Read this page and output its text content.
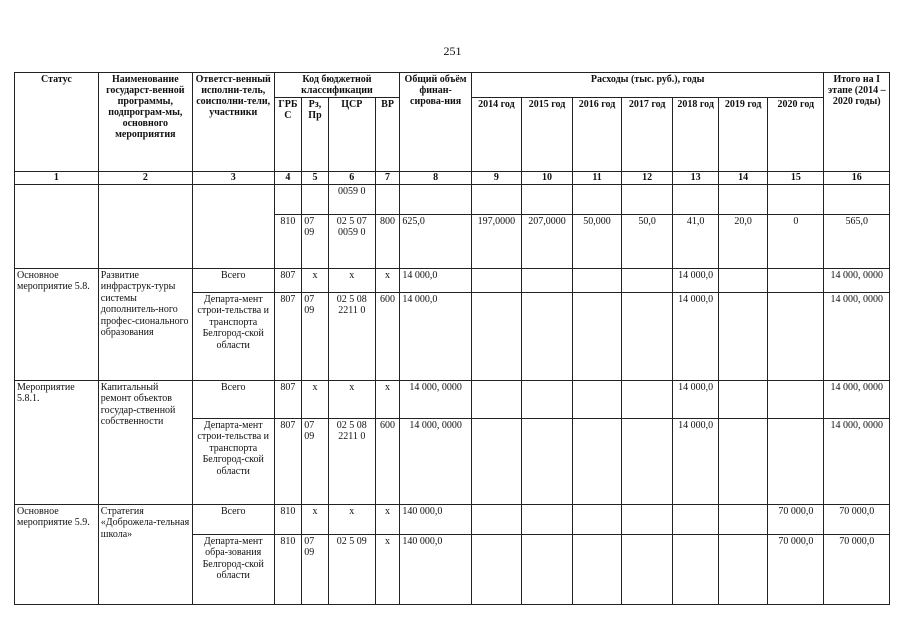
251
Статус	Наименование государст-венной программы, подпрограм-мы, основного мероприятия	Ответст-венный исполни-тель, соисполни-тели, участники	Код бюджетной классификации				Общий объём финан-сирова-ния	Расходы (тыс. руб.), годы							Итого на I этапе (2014 – 2020 годы)
			ГРБ С	Рз, Пр	ЦСР	ВР		2014 год	2015 год	2016 год	2017 год	2018 год	2019 год	2020 год	
1	2	3	4	5	6	7	8	9	10	11	12	13	14	15	16
					0059 0										
			810	07 09	02 5 07 0059 0	800	625,0	197,0000	207,0000	50,000	50,0	41,0	20,0	0	565,0
Основное мероприятие 5.8.	Развитие инфраструк-туры системы дополнитель-ного профес-сионального образования	Всего	807	х	х	х	14 000,0					14 000,0			14 000, 0000
		Департа-мент строи-тельства и транспорта Белгород-ской области	807	07 09	02 5 08 2211 0	600	14 000,0					14 000,0			14 000, 0000
Мероприятие 5.8.1.	Капитальный ремонт объектов государ-ственной собственности	Всего	807	х	х	х	14 000, 0000					14 000,0			14 000, 0000
		Департа-мент строи-тельства и транспорта Белгород-ской области	807	07 09	02 5 08 2211 0	600	14 000, 0000					14 000,0			14 000, 0000
Основное мероприятие 5.9.	Стратегия «Доброжела-тельная школа»	Всего	810	х	х	х	140 000,0							70 000,0	70 000,0
		Департа-мент обра-зования Белгород-ской области	810	07 09	02 5 09	х	140 000,0							70 000,0	70 000,0
